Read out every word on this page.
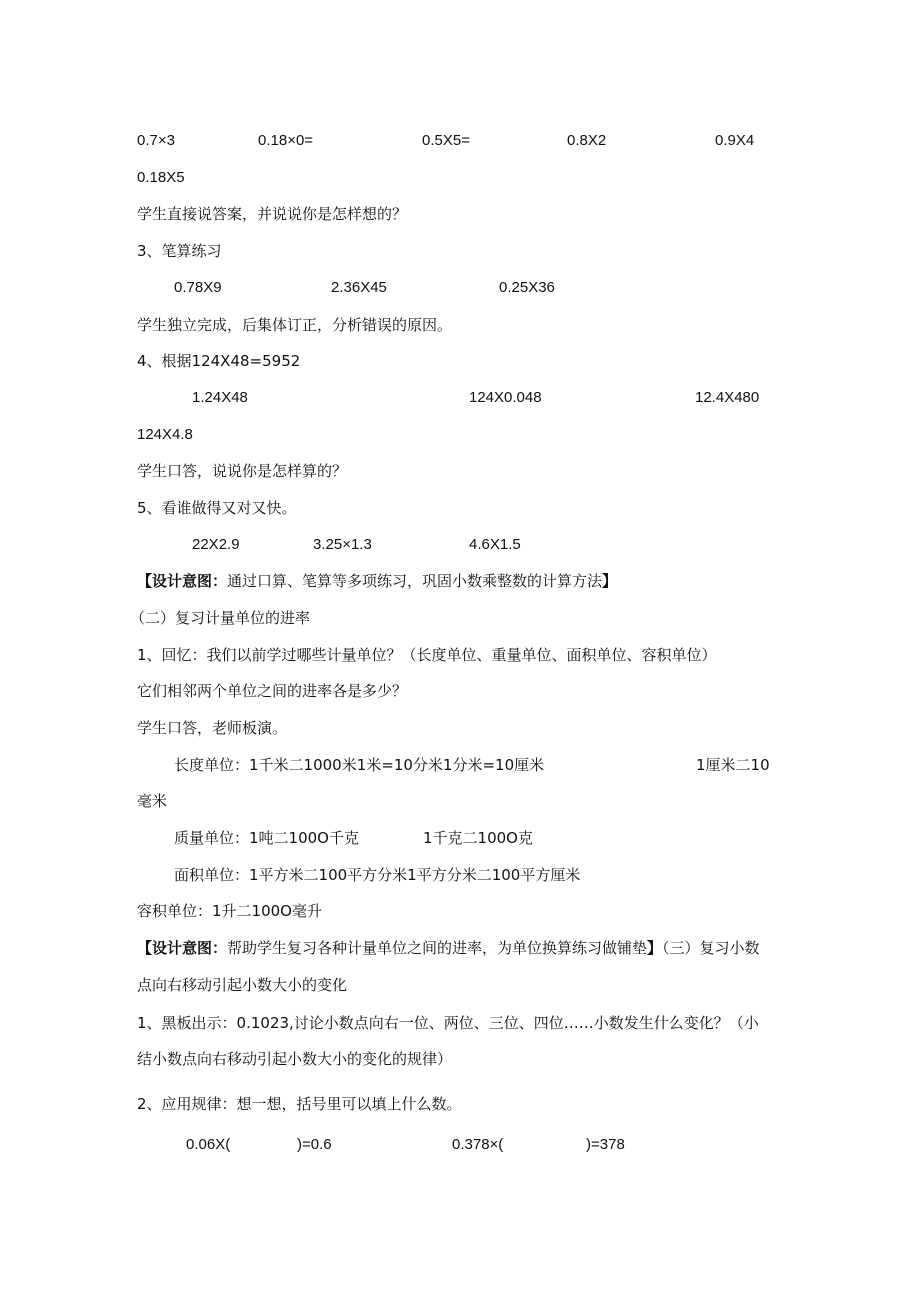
0.7×3	0.18×0=	0.5X5=	0.8X2	0.9X4
0.18X5
学生直接说答案，并说说你是怎样想的？
3、笔算练习
0.78X9	2.36X45	0.25X36
学生独立完成，后集体订正，分析错误的原因。
4、根据124X48=5952
1.24X48	124X0.048	12.4X480
124X4.8
学生口答，说说你是怎样算的？
5、看谁做得又对又快。
22X2.9	3.25×1.3	4.6X1.5
【设计意图：通过口算、笔算等多项练习，巩固小数乘整数的计算方法】
（二）复习计量单位的进率
1、回忆：我们以前学过哪些计量单位？（长度单位、重量单位、面积单位、容积单位）
它们相邻两个单位之间的进率各是多少？
学生口答，老师板演。
长度单位：1千米二1000米1米=10分米1分米=10厘米	1厘米二10
毫米
质量单位：1吨二100O千克	1千克二100O克
面积单位：1平方米二100平方分米1平方分米二100平方厘米
容积单位：1升二100O毫升
【设计意图：帮助学生复习各种计量单位之间的进率，为单位换算练习做铺垫】（三）复习小数
点向右移动引起小数大小的变化
1、黑板出示：0.1023,讨论小数点向右一位、两位、三位、四位……小数发生什么变化？（小
结小数点向右移动引起小数大小的变化的规律）
2、应用规律：想一想，括号里可以填上什么数。
0.06X(	)=0.6	0.378×(	)=378
